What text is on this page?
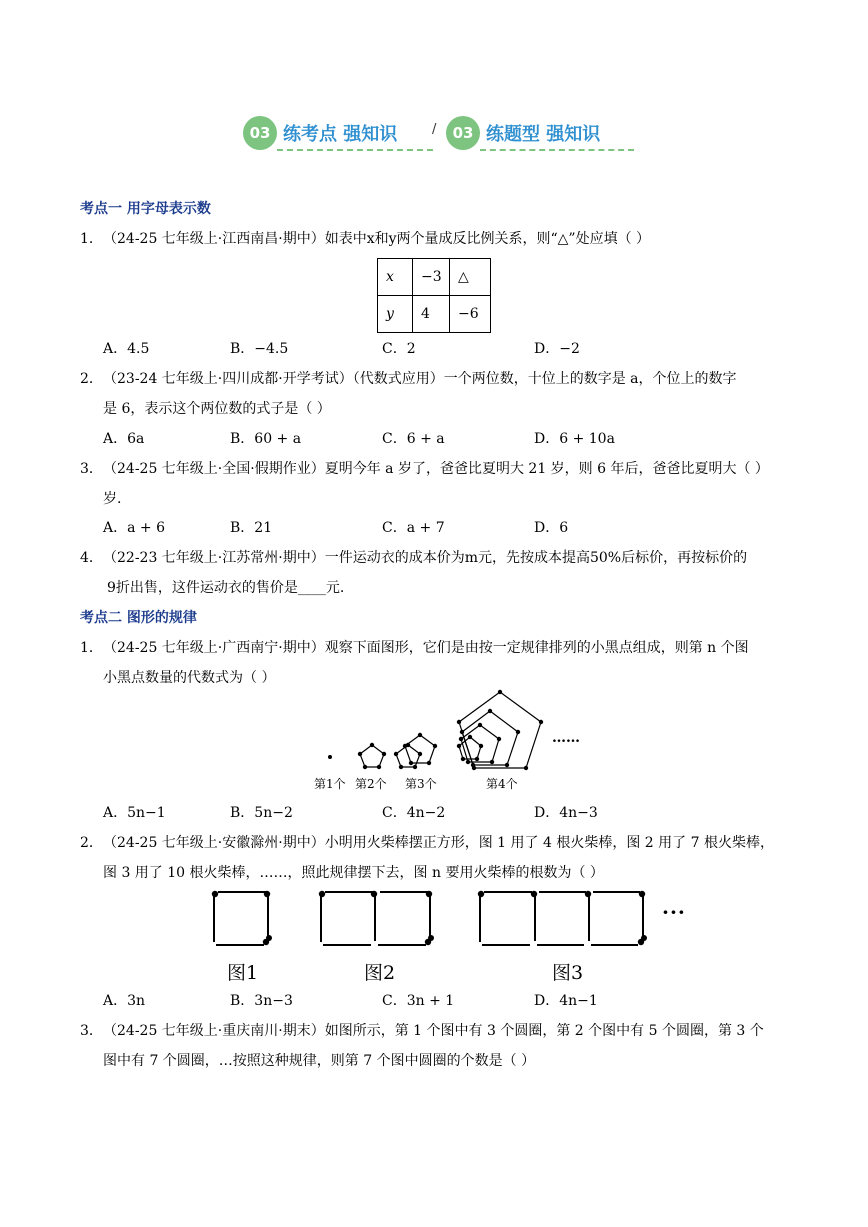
03 练考点 强知识	/	03 练题型 强知识
考点一 用字母表示数
1． （24-25 七年级上·江西南昌·期中）如表中x和y两个量成反比例关系，则“△”处应填（ ）
x	−3	△
y	4	−6
A．4.5	B．−4.5	C．2	D．−2
2． （23-24 七年级上·四川成都·开学考试）（代数式应用）一个两位数，十位上的数字是 a，个位上的数字
是 6，表示这个两位数的式子是（ ）
A．6a	B．60 + a	C．6 + a	D．6 + 10a
3． （24-25 七年级上·全国·假期作业）夏明今年 a 岁了，爸爸比夏明大 21 岁，则 6 年后，爸爸比夏明大（ ）
岁.
A．a + 6	B．21	C．a + 7	D．6
4． （22-23 七年级上·江苏常州·期中）一件运动衣的成本价为m元，先按成本提高50%后标价，再按标价的
9折出售，这件运动衣的售价是____元.
考点二 图形的规律
1． （24-25 七年级上·广西南宁·期中）观察下面图形，它们是由按一定规律排列的小黑点组成，则第 n 个图
小黑点数量的代数式为（ ）
……
第1个 第2个 第3个	第4个
A．5n−1	B．5n−2	C．4n−2	D．4n−3
2． （24-25 七年级上·安徽滁州·期中）小明用火柴棒摆正方形，图 1 用了 4 根火柴棒，图 2 用了 7 根火柴棒，
图 3 用了 10 根火柴棒，……，照此规律摆下去，图 n 要用火柴棒的根数为（ ）
···
图1	图2	图3
A．3n	B．3n−3	C．3n + 1	D．4n−1
3． （24-25 七年级上·重庆南川·期末）如图所示，第 1 个图中有 3 个圆圈，第 2 个图中有 5 个圆圈，第 3 个
图中有 7 个圆圈，…按照这种规律，则第 7 个图中圆圈的个数是（ ）
